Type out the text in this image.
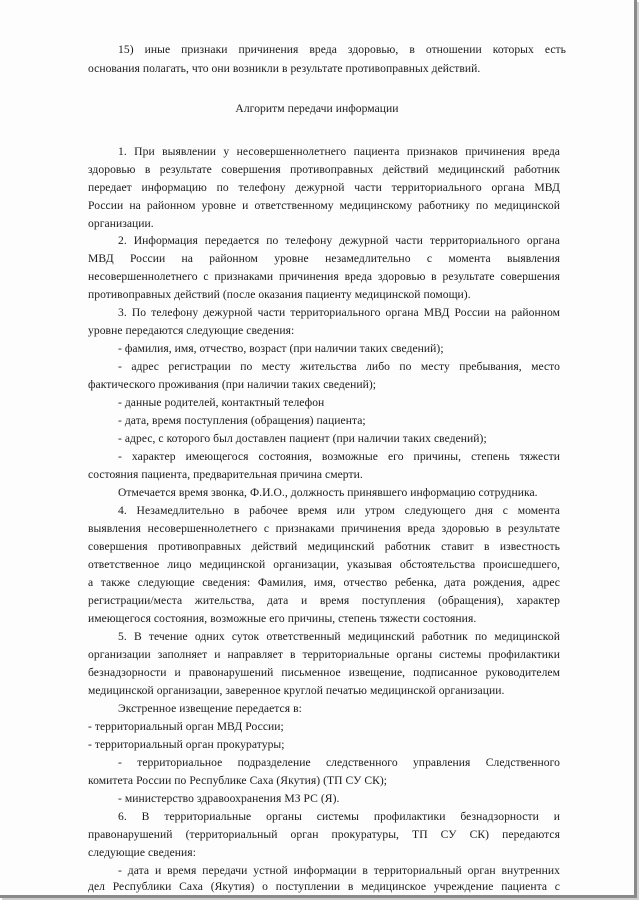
15) иные признаки причинения вреда здоровью, в отношении которых есть
основания полагать, что они возникли в результате противоправных действий.
Алгоритм передачи информации
1. При выявлении у несовершеннолетнего пациента признаков причинения вреда
здоровью в результате совершения противоправных действий медицинский работник
передает информацию по телефону дежурной части территориального органа МВД
России на районном уровне и ответственному медицинскому работнику по медицинской
организации.
2. Информация передается по телефону дежурной части территориального органа
МВД России на районном уровне незамедлительно с момента выявления
несовершеннолетнего с признаками причинения вреда здоровью в результате совершения
противоправных действий (после оказания пациенту медицинской помощи).
3. По телефону дежурной части территориального органа МВД России на районном
уровне передаются следующие сведения:
- фамилия, имя, отчество, возраст (при наличии таких сведений);
- адрес регистрации по месту жительства либо по месту пребывания, место
фактического проживания (при наличии таких сведений);
- данные родителей, контактный телефон
- дата, время поступления (обращения) пациента;
- адрес, с которого был доставлен пациент (при наличии таких сведений);
- характер имеющегося состояния, возможные его причины, степень тяжести
состояния пациента, предварительная причина смерти.
Отмечается время звонка, Ф.И.О., должность принявшего информацию сотрудника.
4. Незамедлительно в рабочее время или утром следующего дня с момента
выявления несовершеннолетнего с признаками причинения вреда здоровью в результате
совершения противоправных действий медицинский работник ставит в известность
ответственное лицо медицинской организации, указывая обстоятельства происшедшего,
а также следующие сведения: Фамилия, имя, отчество ребенка, дата рождения, адрес
регистрации/места жительства, дата и время поступления (обращения), характер
имеющегося состояния, возможные его причины, степень тяжести состояния.
5. В течение одних суток ответственный медицинский работник по медицинской
организации заполняет и направляет в территориальные органы системы профилактики
безнадзорности и правонарушений письменное извещение, подписанное руководителем
медицинской организации, заверенное круглой печатью медицинской организации.
Экстренное извещение передается в:
- территориальный орган МВД России;
- территориальный орган прокуратуры;
- территориальное подразделение следственного управления Следственного
комитета России по Республике Саха (Якутия) (ТП СУ СК);
- министерство здравоохранения МЗ РС (Я).
6. В территориальные органы системы профилактики безнадзорности и
правонарушений (территориальный орган прокуратуры, ТП СУ СК) передаются
следующие сведения:
- дата и время передачи устной информации в территориальный орган внутренних
дел Республики Саха (Якутия) о поступлении в медицинское учреждение пациента с
